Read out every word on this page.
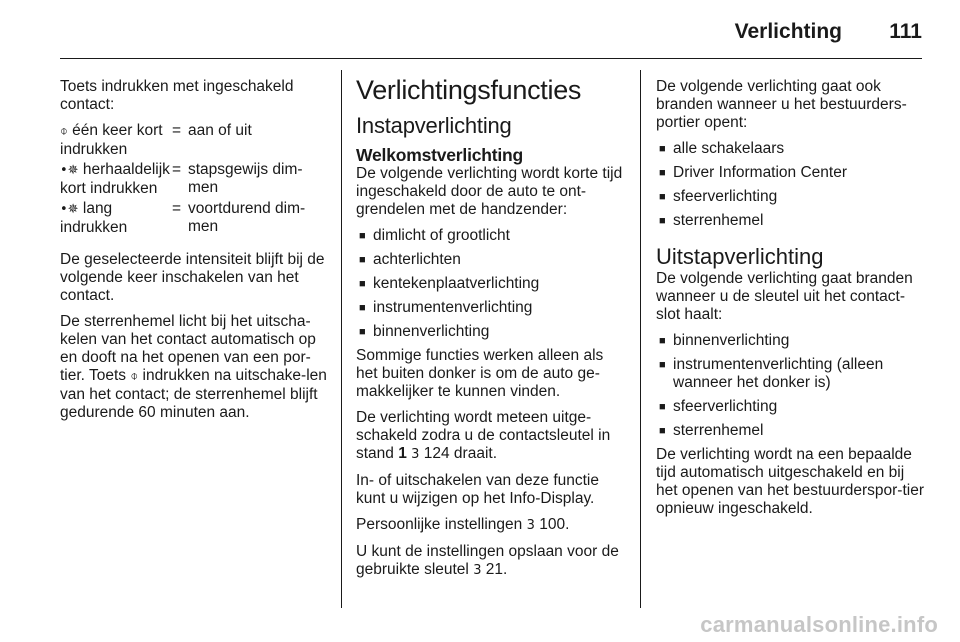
Verlichting 111

Toets indrukken met ingeschakeld contact:

⌽ één keer kort indrukken
= aan of uit
•✵ herhaaldelijk kort indrukken
= stapsgewijs dim-men
•✵ lang indrukken
= voortdurend dim-men

De geselecteerde intensiteit blijft bij de volgende keer inschakelen van het contact.

De sterrenhemel licht bij het uitscha-kelen van het contact automatisch op en dooft na het openen van een por-tier. Toets ⌽ indrukken na uitschake-len van het contact; de sterrenhemel blijft gedurende 60 minuten aan.

Verlichtingsfuncties
Instapverlichting
Welkomstverlichting

De volgende verlichting wordt korte tijd ingeschakeld door de auto te ont-grendelen met de handzender:

■ dimlicht of grootlicht
■ achterlichten
■ kentekenplaatverlichting
■ instrumentenverlichting
■ binnenverlichting

Sommige functies werken alleen als het buiten donker is om de auto ge-makkelijker te kunnen vinden.

De verlichting wordt meteen uitge-schakeld zodra u de contactsleutel in stand 1 3 124 draait.

In- of uitschakelen van deze functie kunt u wijzigen op het Info-Display.

Persoonlijke instellingen 3 100.

U kunt de instellingen opslaan voor de gebruikte sleutel 3 21.

De volgende verlichting gaat ook branden wanneer u het bestuurders-portier opent:

■ alle schakelaars
■ Driver Information Center
■ sfeerverlichting
■ sterrenhemel
Uitstapverlichting

De volgende verlichting gaat branden wanneer u de sleutel uit het contact-slot haalt:

■ binnenverlichting
■ instrumentenverlichting (alleen wanneer het donker is)
■ sfeerverlichting
■ sterrenhemel

De verlichting wordt na een bepaalde tijd automatisch uitgeschakeld en bij het openen van het bestuurderspor-tier opnieuw ingeschakeld.

carmanualsonline.info
